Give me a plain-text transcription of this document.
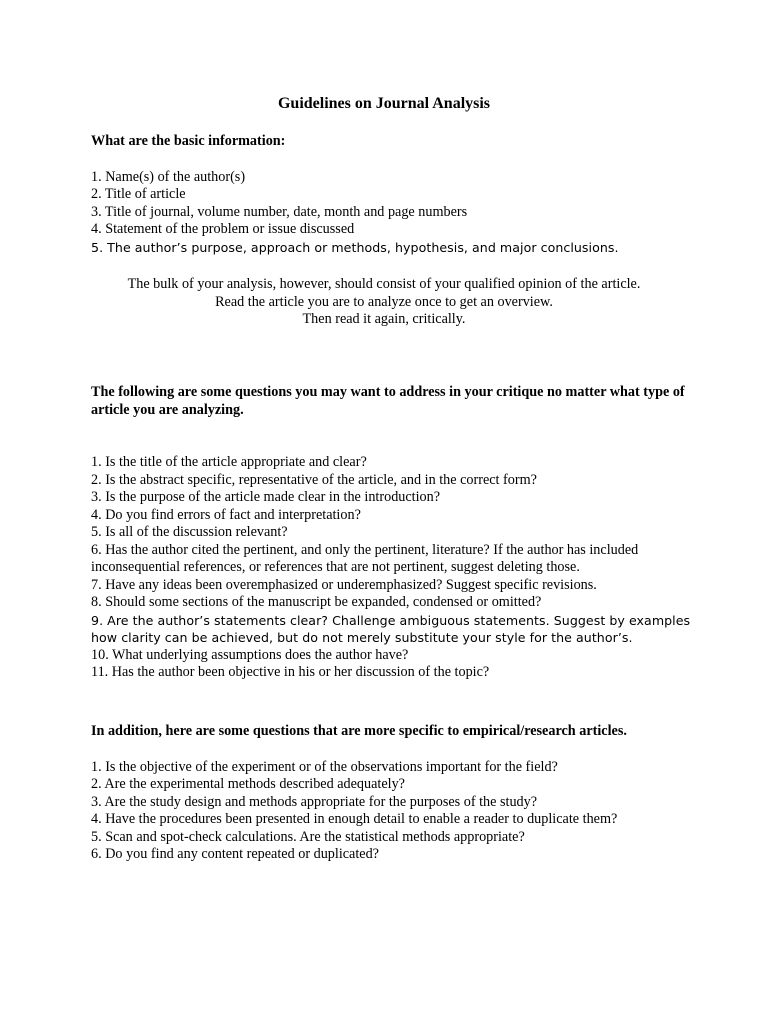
Guidelines on Journal Analysis
What are the basic information:
1. Name(s) of the author(s)
2. Title of article
3. Title of journal, volume number, date, month and page numbers
4. Statement of the problem or issue discussed
5. The author’s purpose, approach or methods, hypothesis, and major conclusions.
The bulk of your analysis, however, should consist of your qualified opinion of the article.
Read the article you are to analyze once to get an overview.
Then read it again, critically.
The following are some questions you may want to address in your critique no matter what type of article you are analyzing.
1. Is the title of the article appropriate and clear?
2. Is the abstract specific, representative of the article, and in the correct form?
3. Is the purpose of the article made clear in the introduction?
4. Do you find errors of fact and interpretation?
5. Is all of the discussion relevant?
6. Has the author cited the pertinent, and only the pertinent, literature? If the author has included inconsequential references, or references that are not pertinent, suggest deleting those.
7. Have any ideas been overemphasized or underemphasized? Suggest specific revisions.
8. Should some sections of the manuscript be expanded, condensed or omitted?
9. Are the author’s statements clear? Challenge ambiguous statements. Suggest by examples how clarity can be achieved, but do not merely substitute your style for the author’s.
10. What underlying assumptions does the author have?
11. Has the author been objective in his or her discussion of the topic?
In addition, here are some questions that are more specific to empirical/research articles.
1. Is the objective of the experiment or of the observations important for the field?
2. Are the experimental methods described adequately?
3. Are the study design and methods appropriate for the purposes of the study?
4. Have the procedures been presented in enough detail to enable a reader to duplicate them?
5. Scan and spot-check calculations. Are the statistical methods appropriate?
6. Do you find any content repeated or duplicated?
